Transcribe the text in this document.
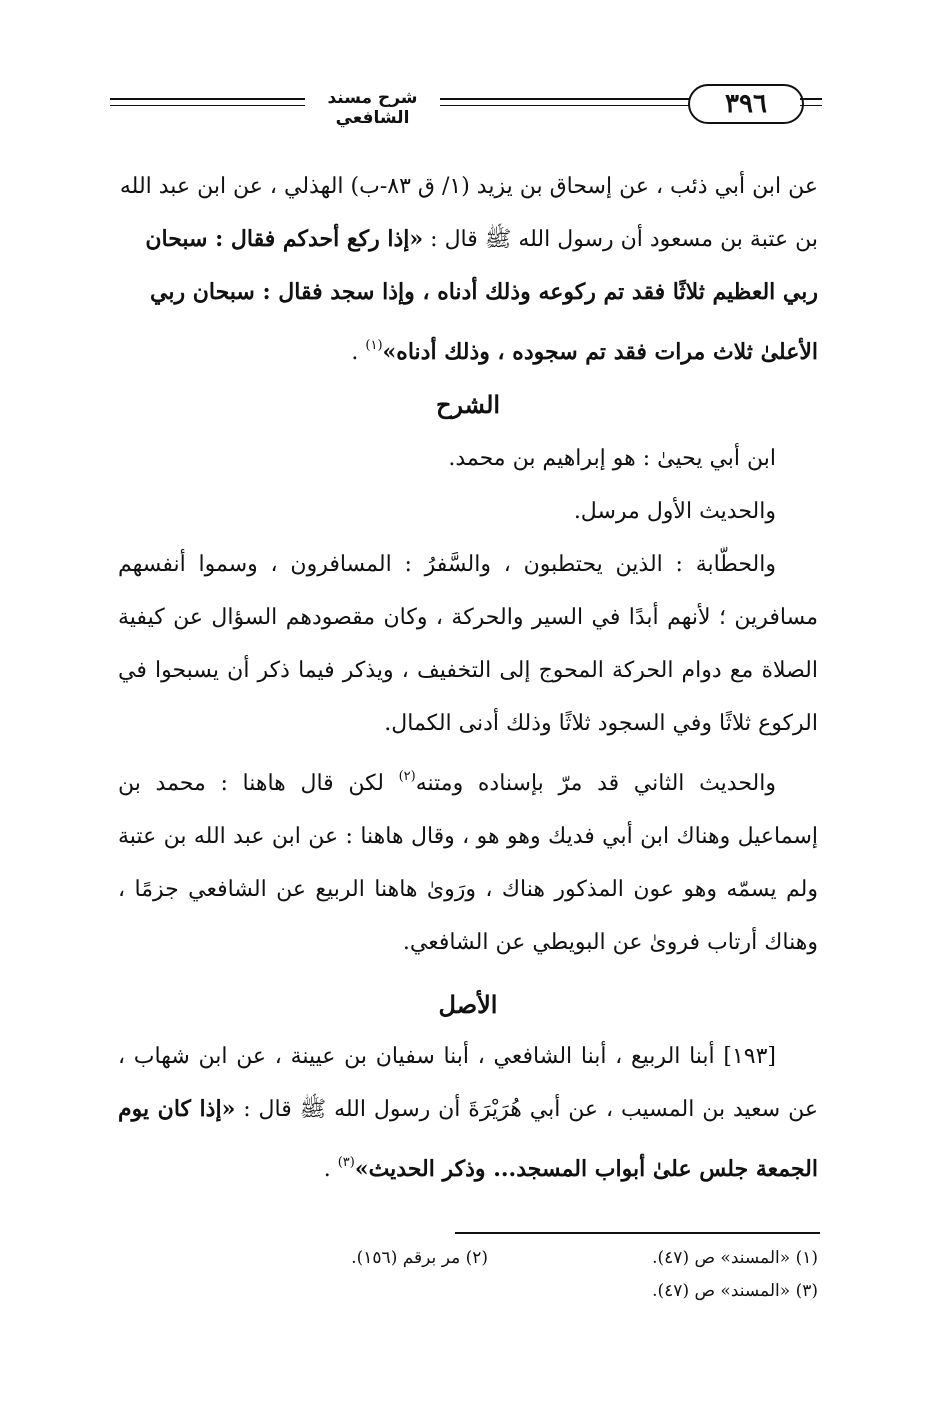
شرح مسند الشافعي	٣٩٦

عن ابن أبي ذئب ، عن إسحاق بن يزيد (١/ ق ٨٣-ب) الهذلي ، عن ابن عبد الله

بن عتبة بن مسعود أن رسول الله ﷺ قال : «إذا ركع أحدكم فقال : سبحان

ربي العظيم ثلاثًا فقد تم ركوعه وذلك أدناه ، وإذا سجد فقال : سبحان ربي

الأعلىٰ ثلاث مرات فقد تم سجوده ، وذلك أدناه»$^{(١)}$ .

الشرح

ابن أبي يحيىٰ : هو إبراهيم بن محمد.

والحديث الأول مرسل.

والحطّابة : الذين يحتطبون ، والسَّفرُ : المسافرون ، وسموا أنفسهم مسافرين ؛ لأنهم أبدًا في السير والحركة ، وكان مقصودهم السؤال عن كيفية الصلاة مع دوام الحركة المحوج إلى التخفيف ، ويذكر فيما ذكر أن يسبحوا في الركوع ثلاثًا وفي السجود ثلاثًا وذلك أدنى الكمال.

والحديث الثاني قد مرّ بإسناده ومتنه$^{(٢)}$ لكن قال هاهنا : محمد بن إسماعيل وهناك ابن أبي فديك وهو هو ، وقال هاهنا : عن ابن عبد الله بن عتبة ولم يسمّه وهو عون المذكور هناك ، ورَوىٰ هاهنا الربيع عن الشافعي جزمًا ، وهناك أرتاب فروىٰ عن البويطي عن الشافعي.

الأصل

[١٩٣] أبنا الربيع ، أبنا الشافعي ، أبنا سفيان بن عيينة ، عن ابن شهاب ، عن سعيد بن المسيب ، عن أبي هُرَيْرَةَ أن رسول الله ﷺ قال : «إذا كان يوم الجمعة جلس علىٰ أبواب المسجد... وذكر الحديث»$^{(٣)}$ .

(١) «المسند» ص (٤٧).
(٢) مر برقم (١٥٦).
(٣) «المسند» ص (٤٧).
